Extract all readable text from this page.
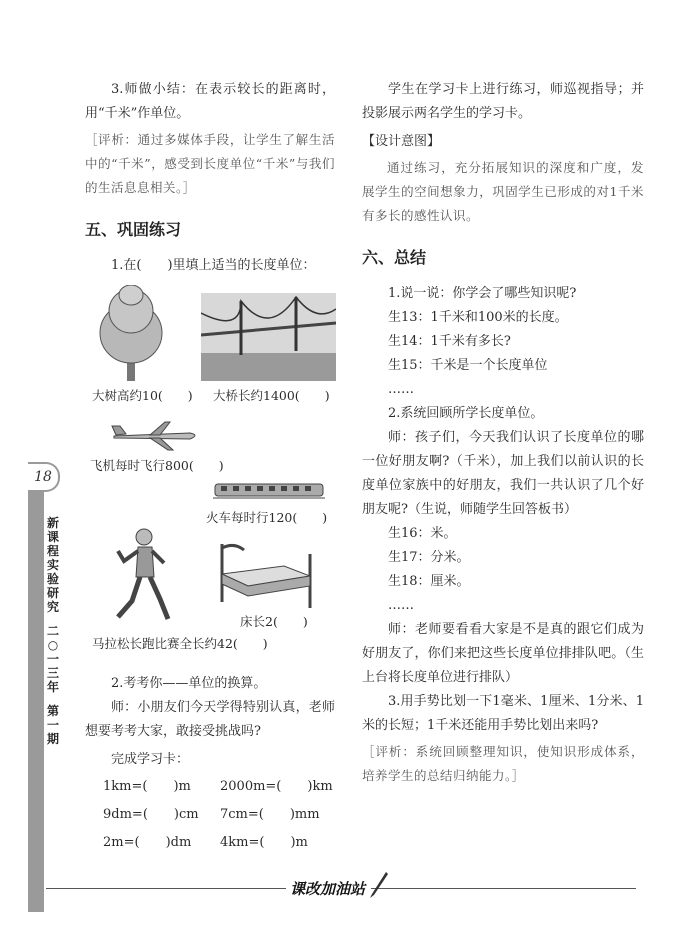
18
新
课
程
实
验
研
究
二
○
一
三
年
第
一
期

3.师做小结：在表示较长的距离时，用“千米”作单位。

［评析：通过多媒体手段，让学生了解生活中的“千米”，感受到长度单位“千米”与我们的生活息息相关。］

五、巩固练习

1.在(　　)里填上适当的长度单位：

大树高约10(　　) 大桥长约1400(　　)
飞机每时飞行800(　　)
火车每时行120(　　)
床长2(　　)
马拉松长跑比赛全长约42(　　)

2.考考你——单位的换算。

师：小朋友们今天学得特别认真，老师想要考考大家，敢接受挑战吗?

完成学习卡：

1km=(　　)m 2000m=(　　)km
9dm=(　　)cm 7cm=(　　)mm
2m=(　　)dm 4km=(　　)m

学生在学习卡上进行练习，师巡视指导；并投影展示两名学生的学习卡。

【设计意图】

通过练习，充分拓展知识的深度和广度，发展学生的空间想象力，巩固学生已形成的对1千米有多长的感性认识。

六、总结

1.说一说：你学会了哪些知识呢?

生13：1千米和100米的长度。

生14：1千米有多长?

生15：千米是一个长度单位

……

2.系统回顾所学长度单位。

师：孩子们，今天我们认识了长度单位的哪一位好朋友啊?（千米），加上我们以前认识的长度单位家族中的好朋友，我们一共认识了几个好朋友呢?（生说，师随学生回答板书）

生16：米。

生17：分米。

生18：厘米。

……

师：老师要看看大家是不是真的跟它们成为好朋友了，你们来把这些长度单位排排队吧。（生上台将长度单位进行排队）

3.用手势比划一下1毫米、1厘米、1分米、1米的长短；1千米还能用手势比划出来吗?

［评析：系统回顾整理知识，使知识形成体系，培养学生的总结归纳能力。］

课改加油站
